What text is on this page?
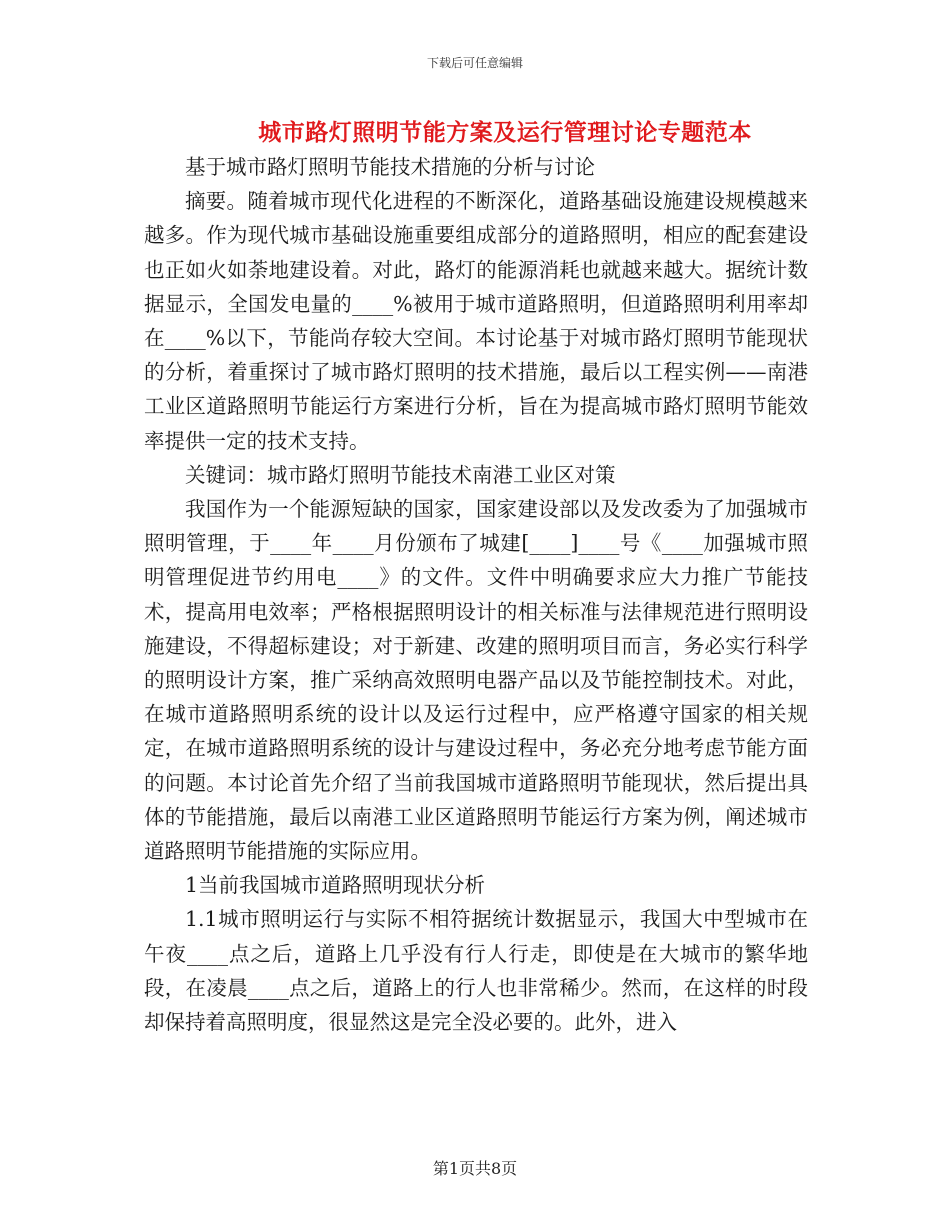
下载后可任意编辑
城市路灯照明节能方案及运行管理讨论专题范本

基于城市路灯照明节能技术措施的分析与讨论

摘要。随着城市现代化进程的不断深化，道路基础设施建设规模越来越多。作为现代城市基础设施重要组成部分的道路照明，相应的配套建设也正如火如荼地建设着。对此，路灯的能源消耗也就越来越大。据统计数据显示，全国发电量的____%被用于城市道路照明，但道路照明利用率却在____%以下，节能尚存较大空间。本讨论基于对城市路灯照明节能现状的分析，着重探讨了城市路灯照明的技术措施，最后以工程实例——南港工业区道路照明节能运行方案进行分析，旨在为提高城市路灯照明节能效率提供一定的技术支持。

关键词：城市路灯照明节能技术南港工业区对策

我国作为一个能源短缺的国家，国家建设部以及发改委为了加强城市照明管理，于____年____月份颁布了城建[____]____号《____加强城市照明管理促进节约用电____》的文件。文件中明确要求应大力推广节能技术，提高用电效率；严格根据照明设计的相关标准与法律规范进行照明设施建设，不得超标建设；对于新建、改建的照明项目而言，务必实行科学的照明设计方案，推广采纳高效照明电器产品以及节能控制技术。对此，在城市道路照明系统的设计以及运行过程中，应严格遵守国家的相关规定，在城市道路照明系统的设计与建设过程中，务必充分地考虑节能方面的问题。本讨论首先介绍了当前我国城市道路照明节能现状，然后提出具体的节能措施，最后以南港工业区道路照明节能运行方案为例，阐述城市道路照明节能措施的实际应用。

1当前我国城市道路照明现状分析

1.1城市照明运行与实际不相符据统计数据显示，我国大中型城市在午夜____点之后，道路上几乎没有行人行走，即使是在大城市的繁华地段，在凌晨____点之后，道路上的行人也非常稀少。然而，在这样的时段却保持着高照明度，很显然这是完全没必要的。此外，进入

第1页共8页
